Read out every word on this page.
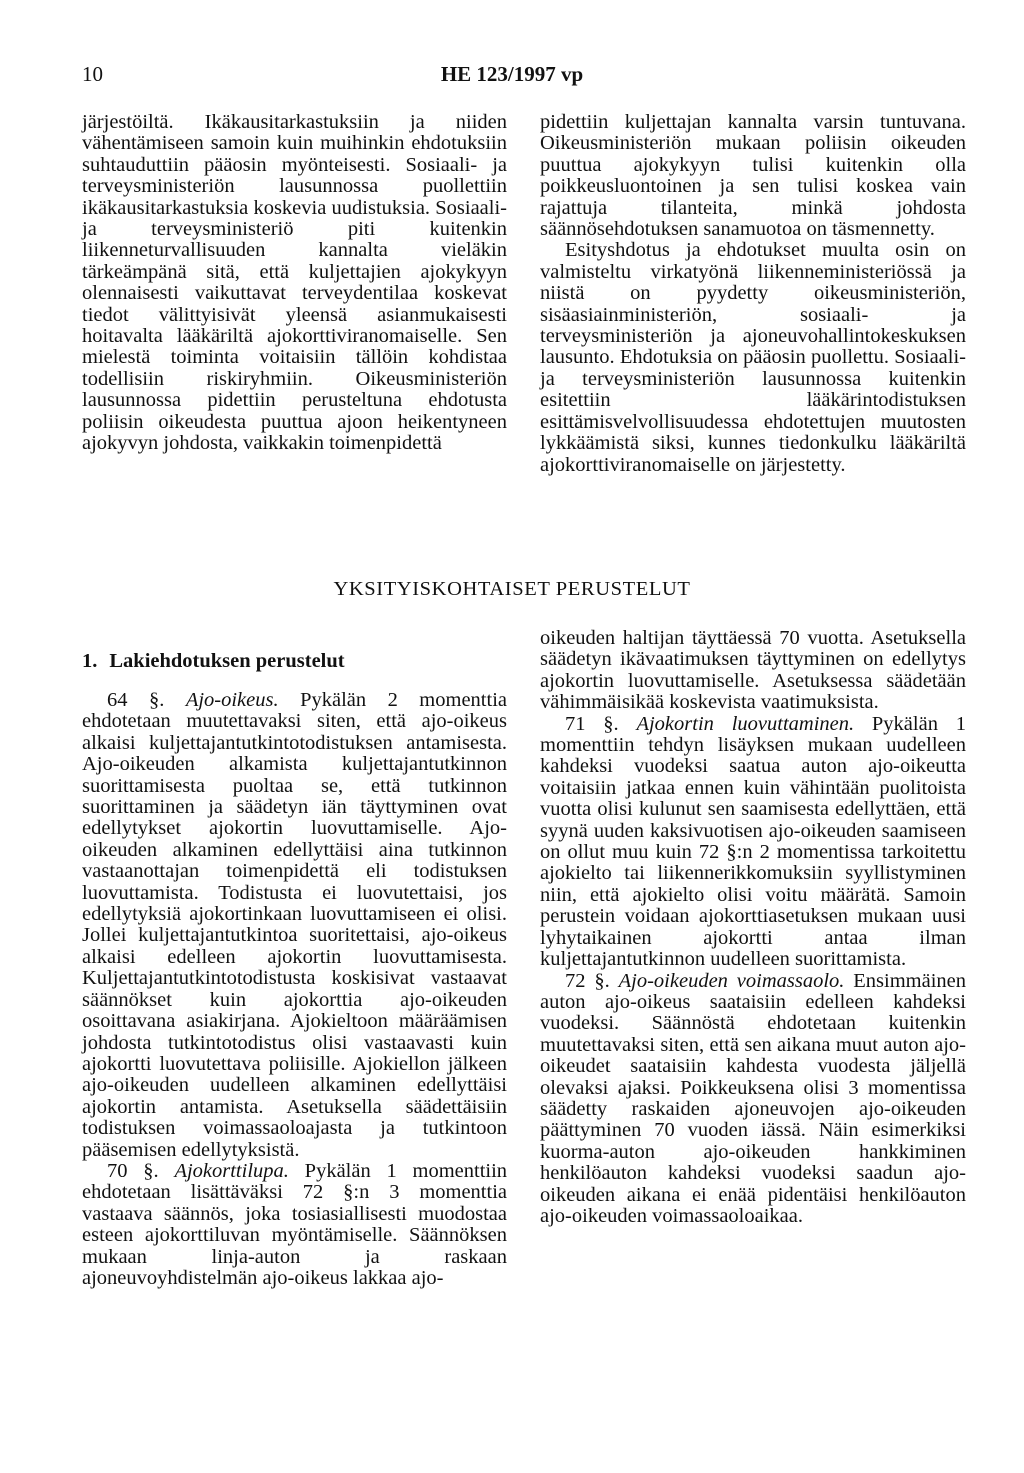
10	HE 123/1997 vp

järjestöiltä. Ikäkausitarkastuksiin ja niiden vähentämiseen samoin kuin muihinkin ehdotuksiin suhtauduttiin pääosin myönteisesti. Sosiaali- ja terveysministeriön lausunnossa puollettiin ikäkausitarkastuksia koskevia uudistuksia. Sosiaali- ja terveysministeriö piti kuitenkin liikenneturvallisuuden kannalta vieläkin tärkeämpänä sitä, että kuljettajien ajokykyyn olennaisesti vaikuttavat terveydentilaa koskevat tiedot välittyisivät yleensä asianmukaisesti hoitavalta lääkäriltä ajokorttiviranomaiselle. Sen mielestä toiminta voitaisiin tällöin kohdistaa todellisiin riskiryhmiin. Oikeusministeriön lausunnossa pidettiin perusteltuna ehdotusta poliisin oikeudesta puuttua ajoon heikentyneen ajokyvyn johdosta, vaikkakin toimenpidettä

pidettiin kuljettajan kannalta varsin tuntuvana. Oikeusministeriön mukaan poliisin oikeuden puuttua ajokykyyn tulisi kuitenkin olla poikkeusluontoinen ja sen tulisi koskea vain rajattuja tilanteita, minkä johdosta säännösehdotuksen sanamuotoa on täsmennetty.

Esityshdotus ja ehdotukset muulta osin on valmisteltu virkatyönä liikenneministeriössä ja niistä on pyydetty oikeusministeriön, sisäasiainministeriön, sosiaali- ja terveysministeriön ja ajoneuvohallintokeskuksen lausunto. Ehdotuksia on pääosin puollettu. Sosiaali- ja terveysministeriön lausunnossa kuitenkin esitettiin lääkärintodistuksen esittämisvelvollisuudessa ehdotettujen muutosten lykkäämistä siksi, kunnes tiedonkulku lääkäriltä ajokorttiviranomaiselle on järjestetty.

YKSITYISKOHTAISET PERUSTELUT
1. Lakiehdotuksen perustelut

64 §. Ajo-oikeus. Pykälän 2 momenttia ehdotetaan muutettavaksi siten, että ajo-oikeus alkaisi kuljettajantutkintotodistuksen antamisesta. Ajo-oikeuden alkamista kuljettajantutkinnon suorittamisesta puoltaa se, että tutkinnon suorittaminen ja säädetyn iän täyttyminen ovat edellytykset ajokortin luovuttamiselle. Ajo-oikeuden alkaminen edellyttäisi aina tutkinnon vastaanottajan toimenpidettä eli todistuksen luovuttamista. Todistusta ei luovutettaisi, jos edellytyksiä ajokortinkaan luovuttamiseen ei olisi. Jollei kuljettajantutkintoa suoritettaisi, ajo-oikeus alkaisi edelleen ajokortin luovuttamisesta. Kuljettajantutkintotodistusta koskisivat vastaavat säännökset kuin ajokorttia ajo-oikeuden osoittavana asiakirjana. Ajokieltoon määräämisen johdosta tutkintotodistus olisi vastaavasti kuin ajokortti luovutettava poliisille. Ajokiellon jälkeen ajo-oikeuden uudelleen alkaminen edellyttäisi ajokortin antamista. Asetuksella säädettäisiin todistuksen voimassaoloajasta ja tutkintoon pääsemisen edellytyksistä.

70 §. Ajokorttilupa. Pykälän 1 momenttiin ehdotetaan lisättäväksi 72 §:n 3 momenttia vastaava säännös, joka tosiasiallisesti muodostaa esteen ajokorttiluvan myöntämiselle. Säännöksen mukaan linja-auton ja raskaan ajoneuvoyhdistelmän ajo-oikeus lakkaa ajo-

oikeuden haltijan täyttäessä 70 vuotta. Asetuksella säädetyn ikävaatimuksen täyttyminen on edellytys ajokortin luovuttamiselle. Asetuksessa säädetään vähimmäisikää koskevista vaatimuksista.

71 §. Ajokortin luovuttaminen. Pykälän 1 momenttiin tehdyn lisäyksen mukaan uudelleen kahdeksi vuodeksi saatua auton ajo-oikeutta voitaisiin jatkaa ennen kuin vähintään puolitoista vuotta olisi kulunut sen saamisesta edellyttäen, että syynä uuden kaksivuotisen ajo-oikeuden saamiseen on ollut muu kuin 72 §:n 2 momentissa tarkoitettu ajokielto tai liikennerikkomuksiin syyllistyminen niin, että ajokielto olisi voitu määrätä. Samoin perustein voidaan ajokorttiasetuksen mukaan uusi lyhytaikainen ajokortti antaa ilman kuljettajantutkinnon uudelleen suorittamista.

72 §. Ajo-oikeuden voimassaolo. Ensimmäinen auton ajo-oikeus saataisiin edelleen kahdeksi vuodeksi. Säännöstä ehdotetaan kuitenkin muutettavaksi siten, että sen aikana muut auton ajo-oikeudet saataisiin kahdesta vuodesta jäljellä olevaksi ajaksi. Poikkeuksena olisi 3 momentissa säädetty raskaiden ajoneuvojen ajo-oikeuden päättyminen 70 vuoden iässä. Näin esimerkiksi kuorma-auton ajo-oikeuden hankkiminen henkilöauton kahdeksi vuodeksi saadun ajo-oikeuden aikana ei enää pidentäisi henkilöauton ajo-oikeuden voimassaoloaikaa.
